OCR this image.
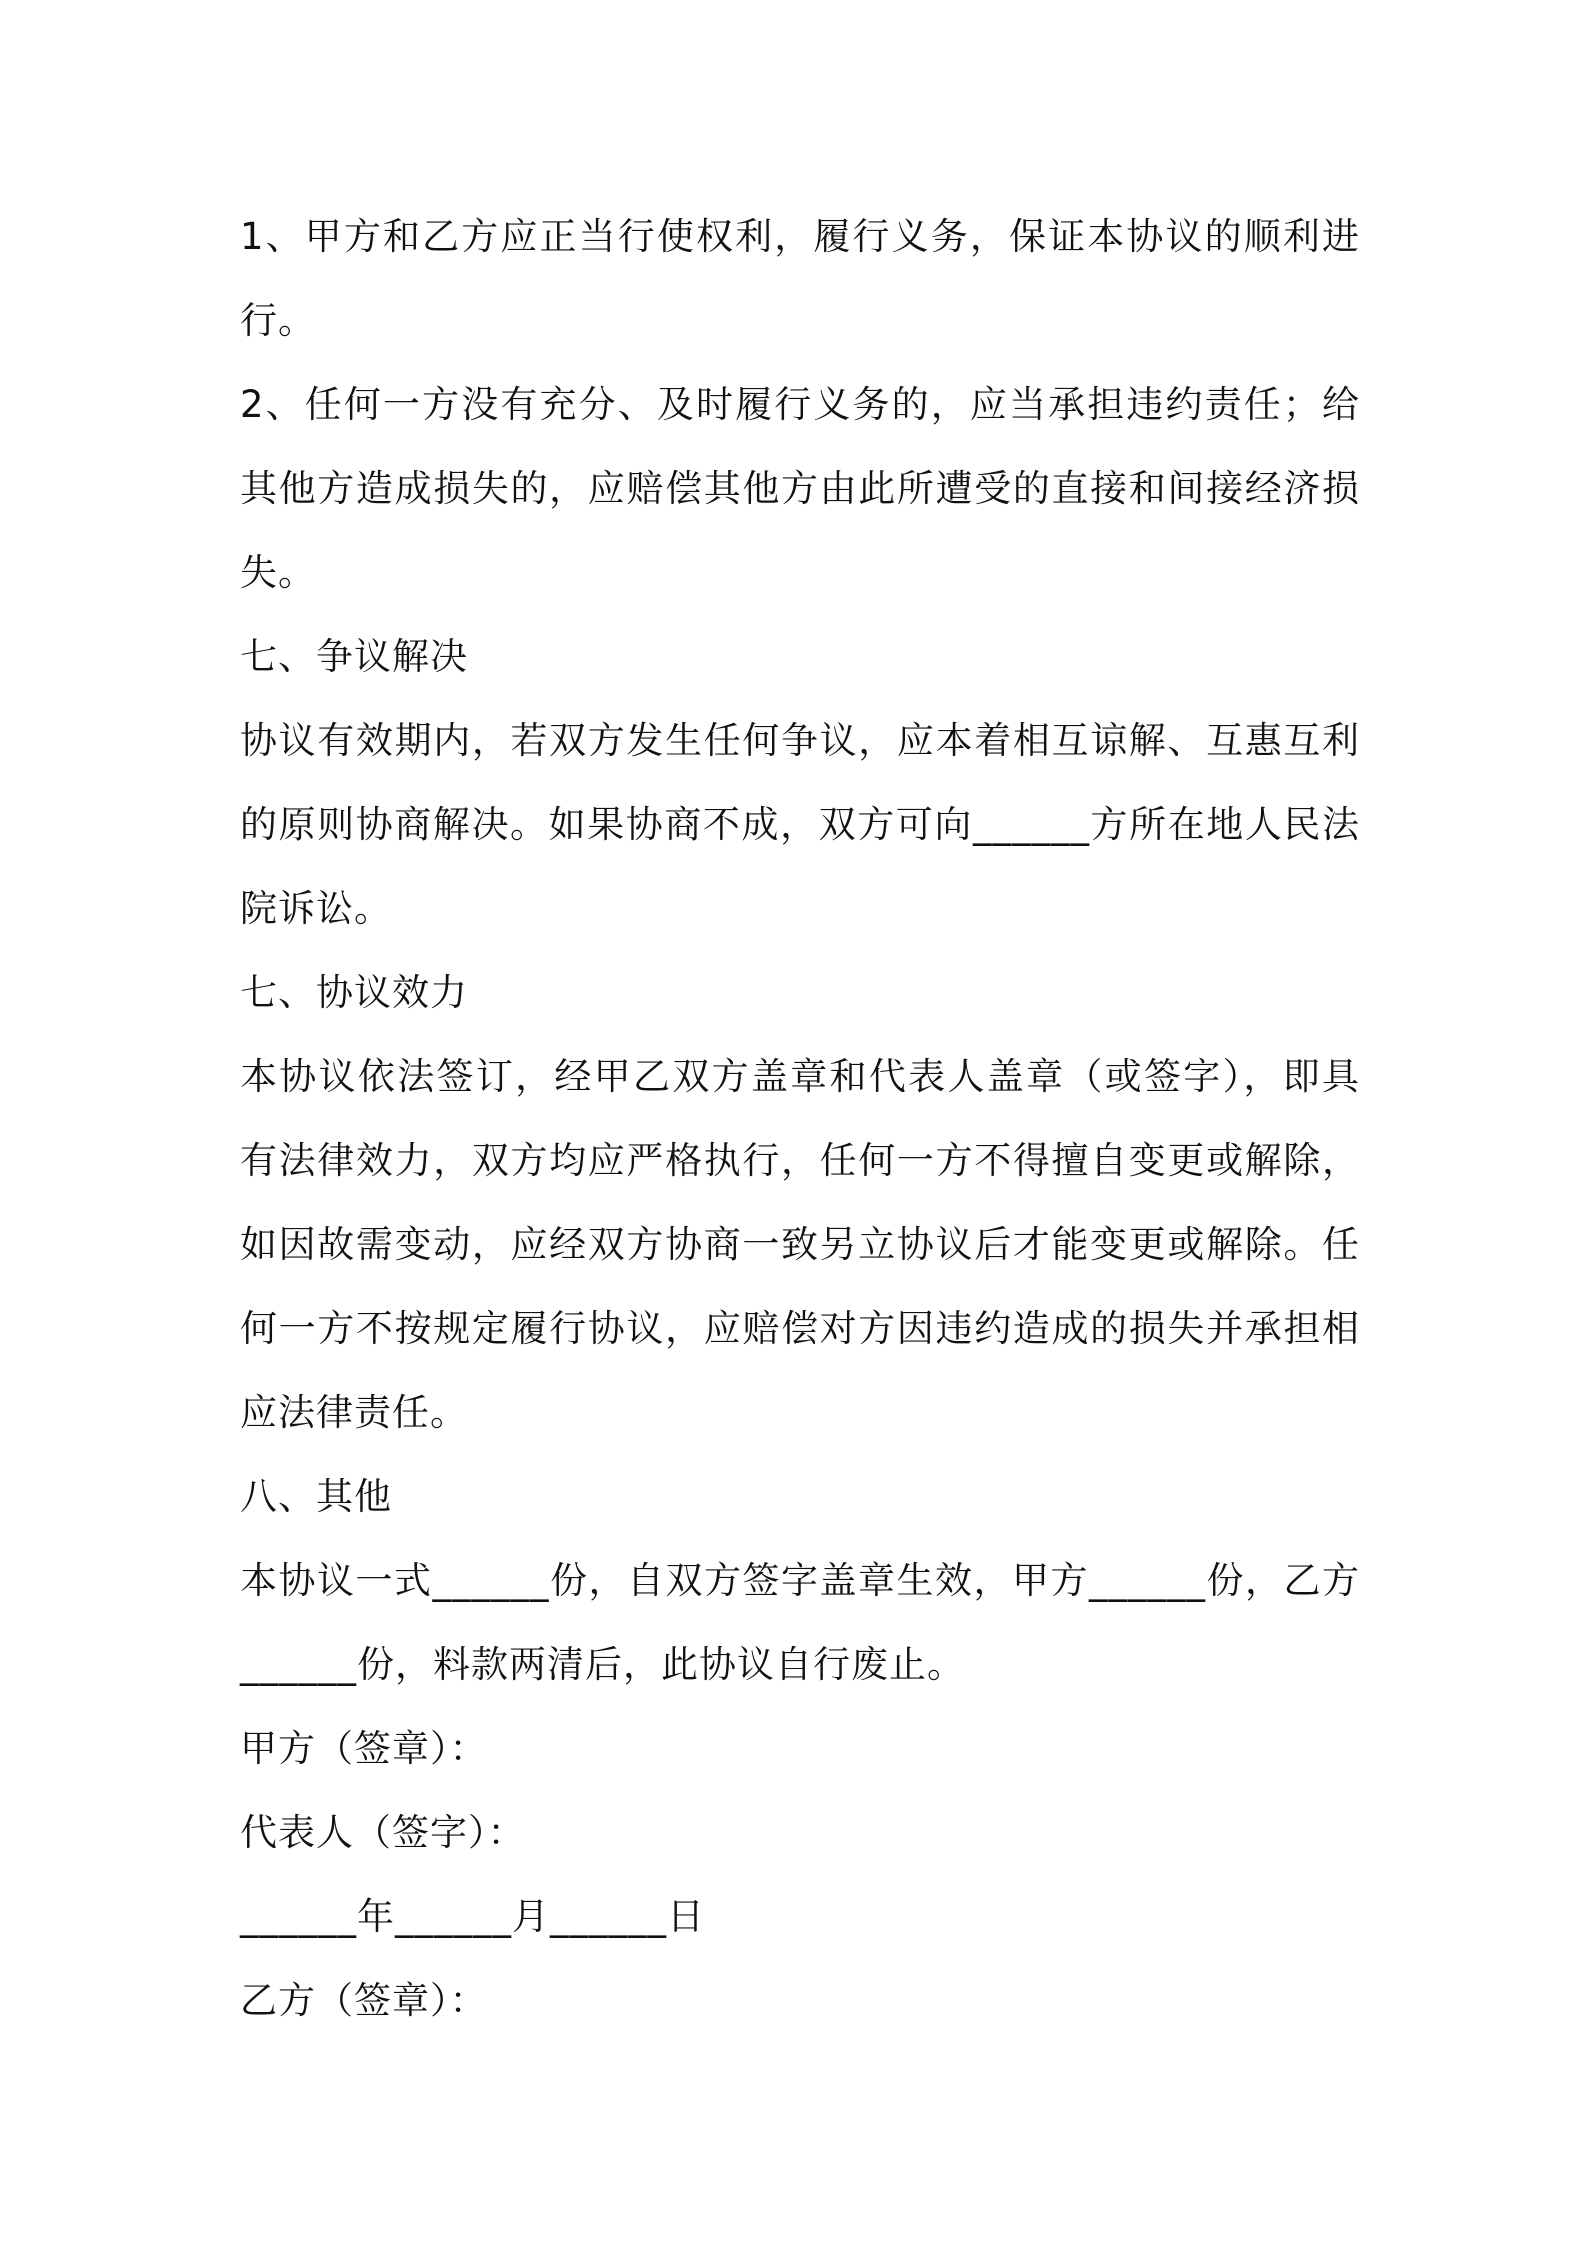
1、甲方和乙方应正当行使权利，履行义务，保证本协议的顺利进行。

2、任何一方没有充分、及时履行义务的，应当承担违约责任；给其他方造成损失的，应赔偿其他方由此所遭受的直接和间接经济损失。

七、争议解决

协议有效期内，若双方发生任何争议，应本着相互谅解、互惠互利的原则协商解决。如果协商不成，双方可向______方所在地人民法院诉讼。

七、协议效力

本协议依法签订，经甲乙双方盖章和代表人盖章（或签字），即具有法律效力，双方均应严格执行，任何一方不得擅自变更或解除，如因故需变动，应经双方协商一致另立协议后才能变更或解除。任何一方不按规定履行协议，应赔偿对方因违约造成的损失并承担相应法律责任。

八、其他

本协议一式______份，自双方签字盖章生效，甲方______份，乙方______份，料款两清后，此协议自行废止。

甲方（签章）：

代表人（签字）：

______年______月______日

乙方（签章）：
